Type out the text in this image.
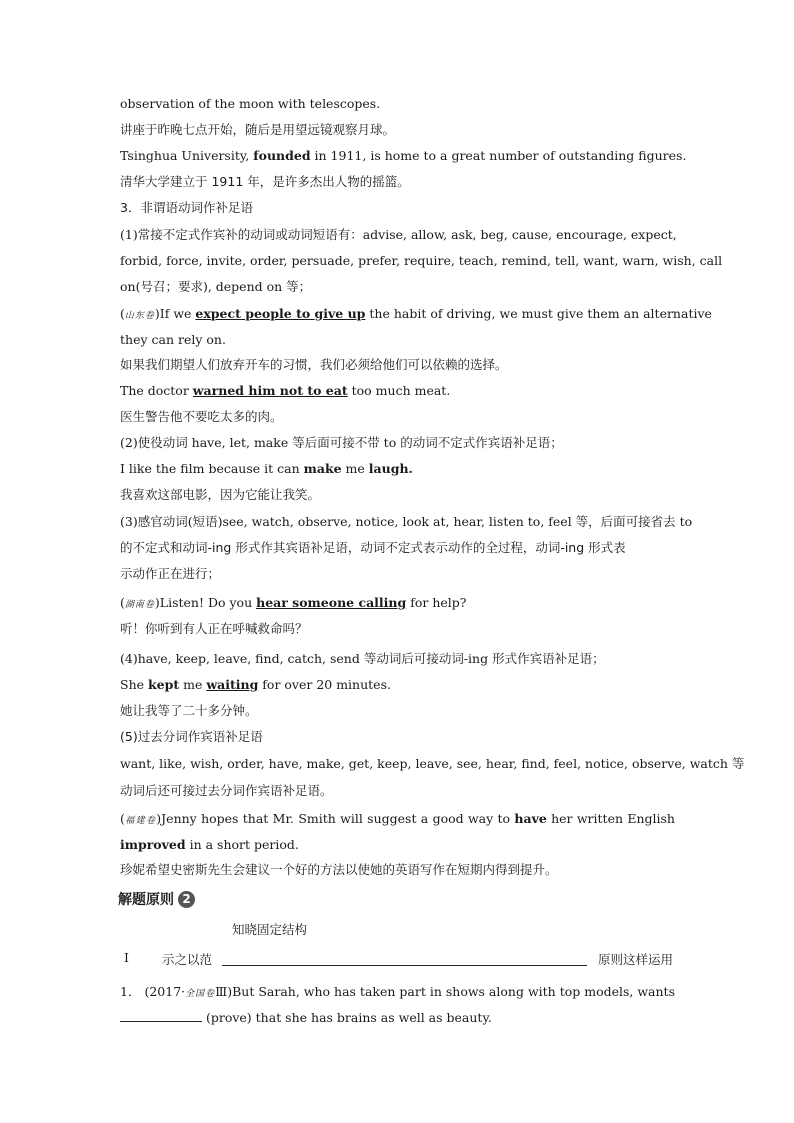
observation of the moon with telescopes.
讲座于昨晚七点开始，随后是用望远镜观察月球。
Tsinghua University, founded in 1911, is home to a great number of outstanding figures.
清华大学建立于 1911 年，是许多杰出人物的摇篮。
3．非谓语动词作补足语
(1)常接不定式作宾补的动词或动词短语有：advise, allow, ask, beg, cause, encourage, expect,
forbid, force, invite, order, persuade, prefer, require, teach, remind, tell, want, warn, wish, call
on(号召；要求), depend on 等；
(山东卷)If we expect people to give up the habit of driving, we must give them an alternative
they can rely on.
如果我们期望人们放弃开车的习惯，我们必须给他们可以依赖的选择。
The doctor warned him not to eat too much meat.
医生警告他不要吃太多的肉。
(2)使役动词 have, let, make 等后面可接不带 to 的动词不定式作宾语补足语；
I like the film because it can make me laugh.
我喜欢这部电影，因为它能让我笑。
(3)感官动词(短语)see, watch, observe, notice, look at, hear, listen to, feel 等，后面可接省去 to
的不定式和动词-ing 形式作其宾语补足语，动词不定式表示动作的全过程，动词-ing 形式表
示动作正在进行；
(湖南卷)Listen! Do you hear someone calling for help?
听！你听到有人正在呼喊救命吗？
(4)have, keep, leave, find, catch, send 等动词后可接动词-ing 形式作宾语补足语；
She kept me waiting for over 20 minutes.
她让我等了二十多分钟。
(5)过去分词作宾语补足语
want, like, wish, order, have, make, get, keep, leave, see, hear, find, feel, notice, observe, watch 等
动词后还可接过去分词作宾语补足语。
(福建卷)Jenny hopes that Mr. Smith will suggest a good way to have her written English
improved in a short period.
珍妮希望史密斯先生会建议一个好的方法以使她的英语写作在短期内得到提升。
解题原则 2
知晓固定结构
Ⅰ	示之以范	原则这样运用
1． (2017·全国卷Ⅲ)But Sarah, who has taken part in shows along with top models, wants
(prove) that she has brains as well as beauty.
